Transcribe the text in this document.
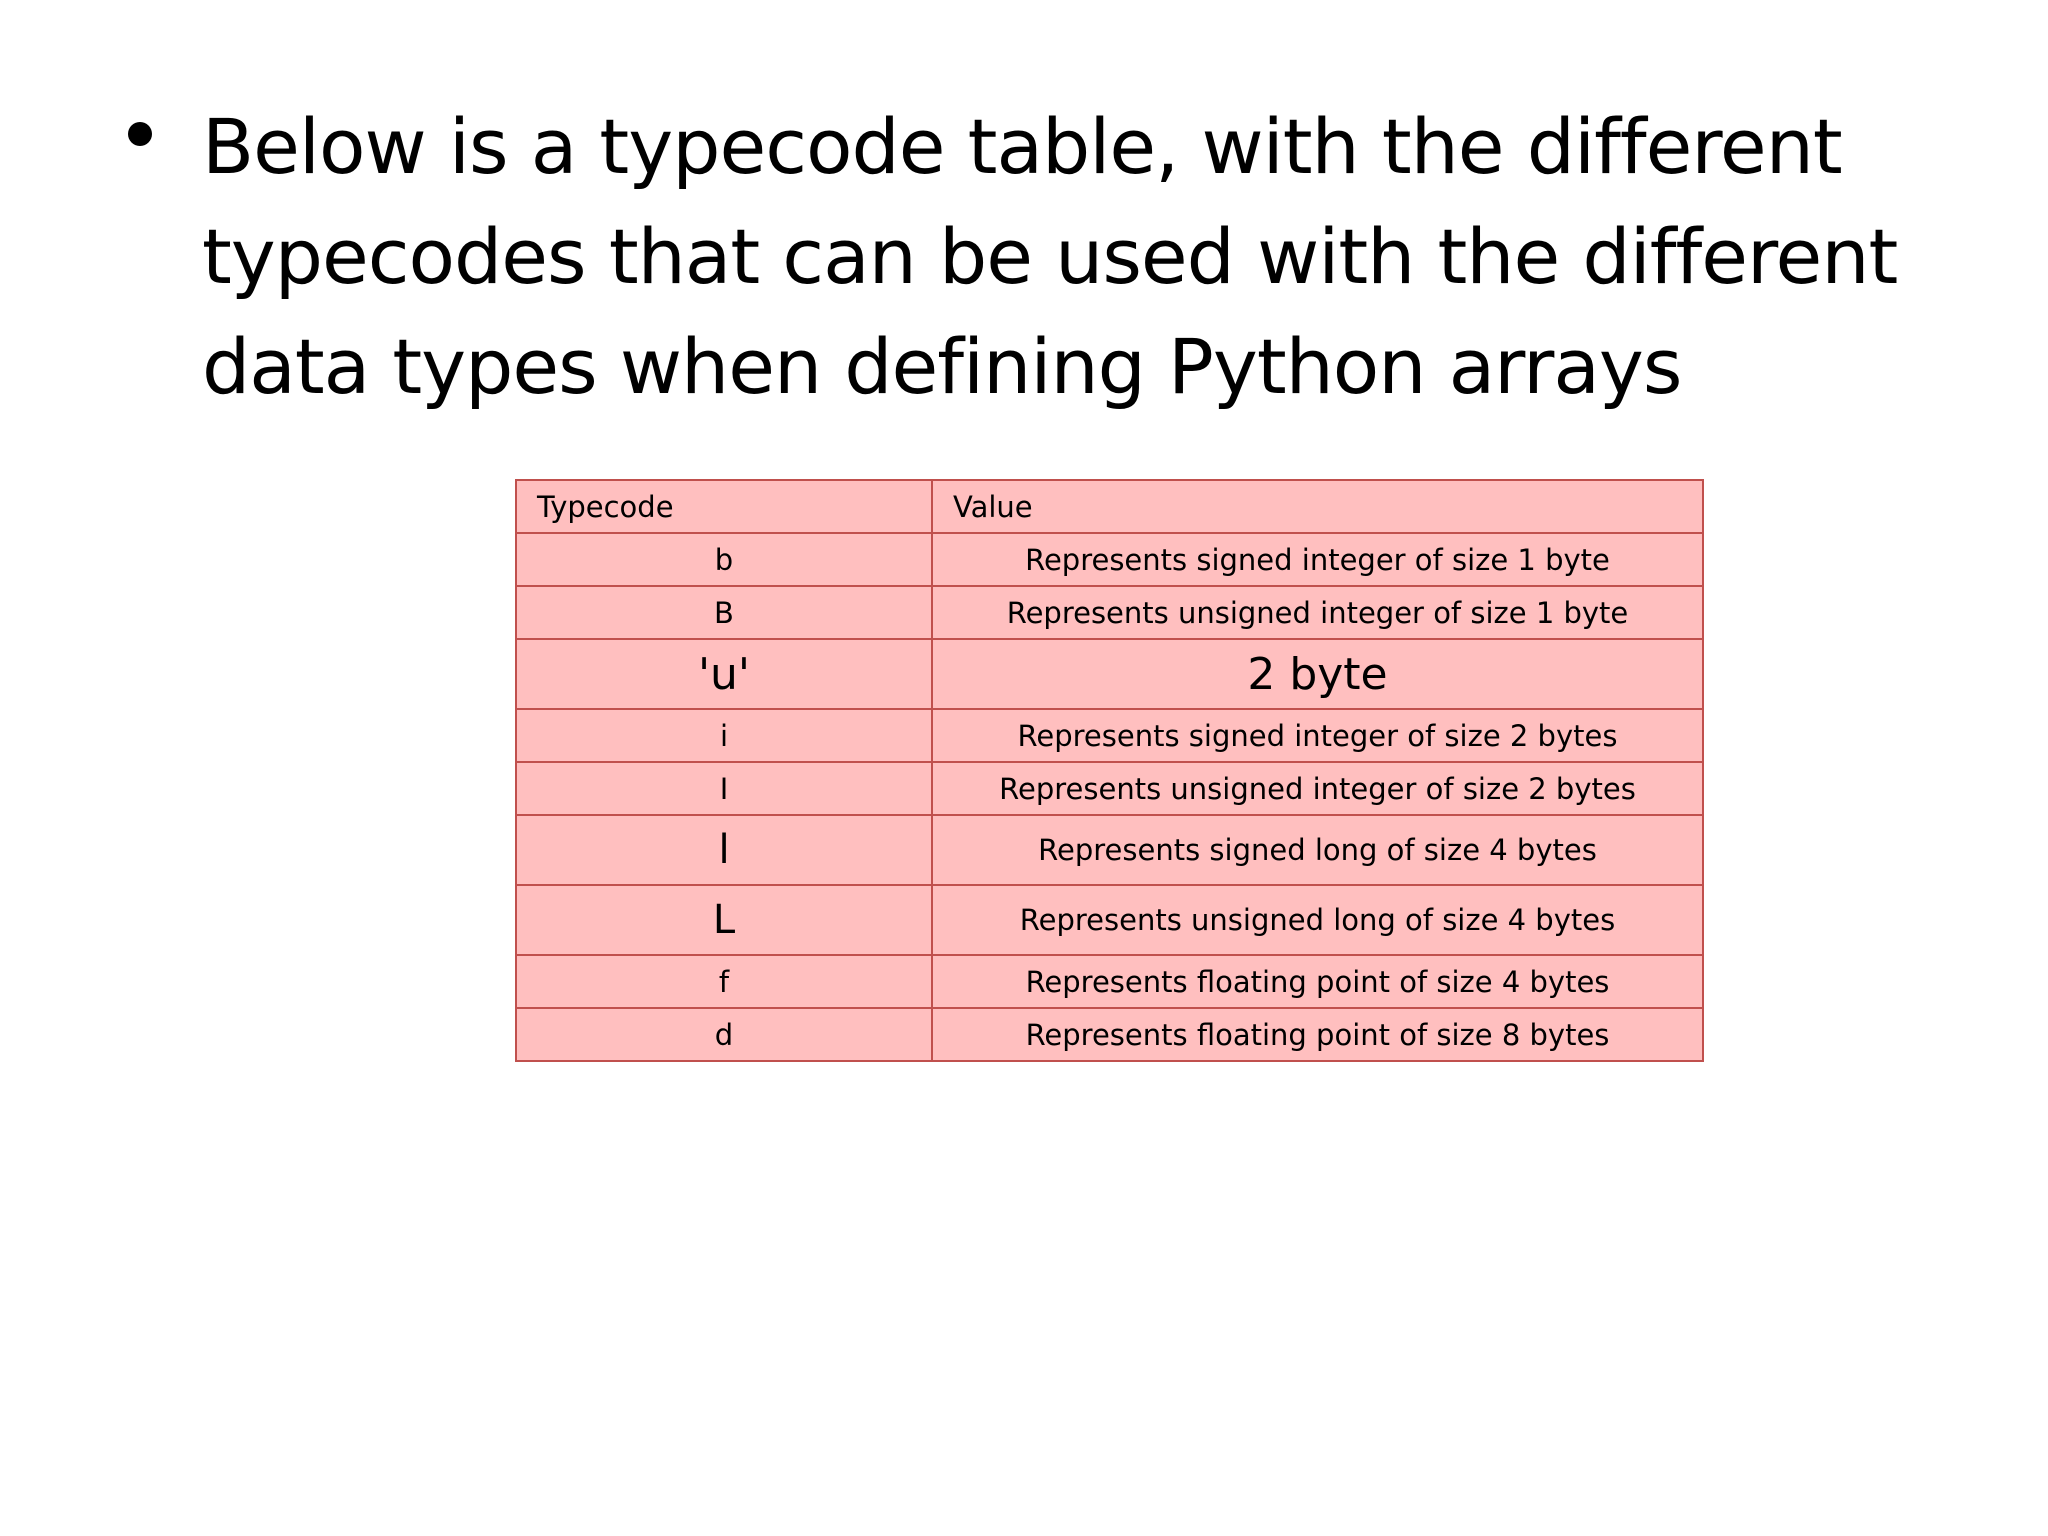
Below is a typecode table, with the different typecodes that can be used with the different data types when defining Python arrays
Typecode	Value
b	Represents signed integer of size 1 byte
B	Represents unsigned integer of size 1 byte
'u'	2 byte
i	Represents signed integer of size 2 bytes
I	Represents unsigned integer of size 2 bytes
l	Represents signed long of size 4 bytes
L	Represents unsigned long of size 4 bytes
f	Represents floating point of size 4 bytes
d	Represents floating point of size 8 bytes
